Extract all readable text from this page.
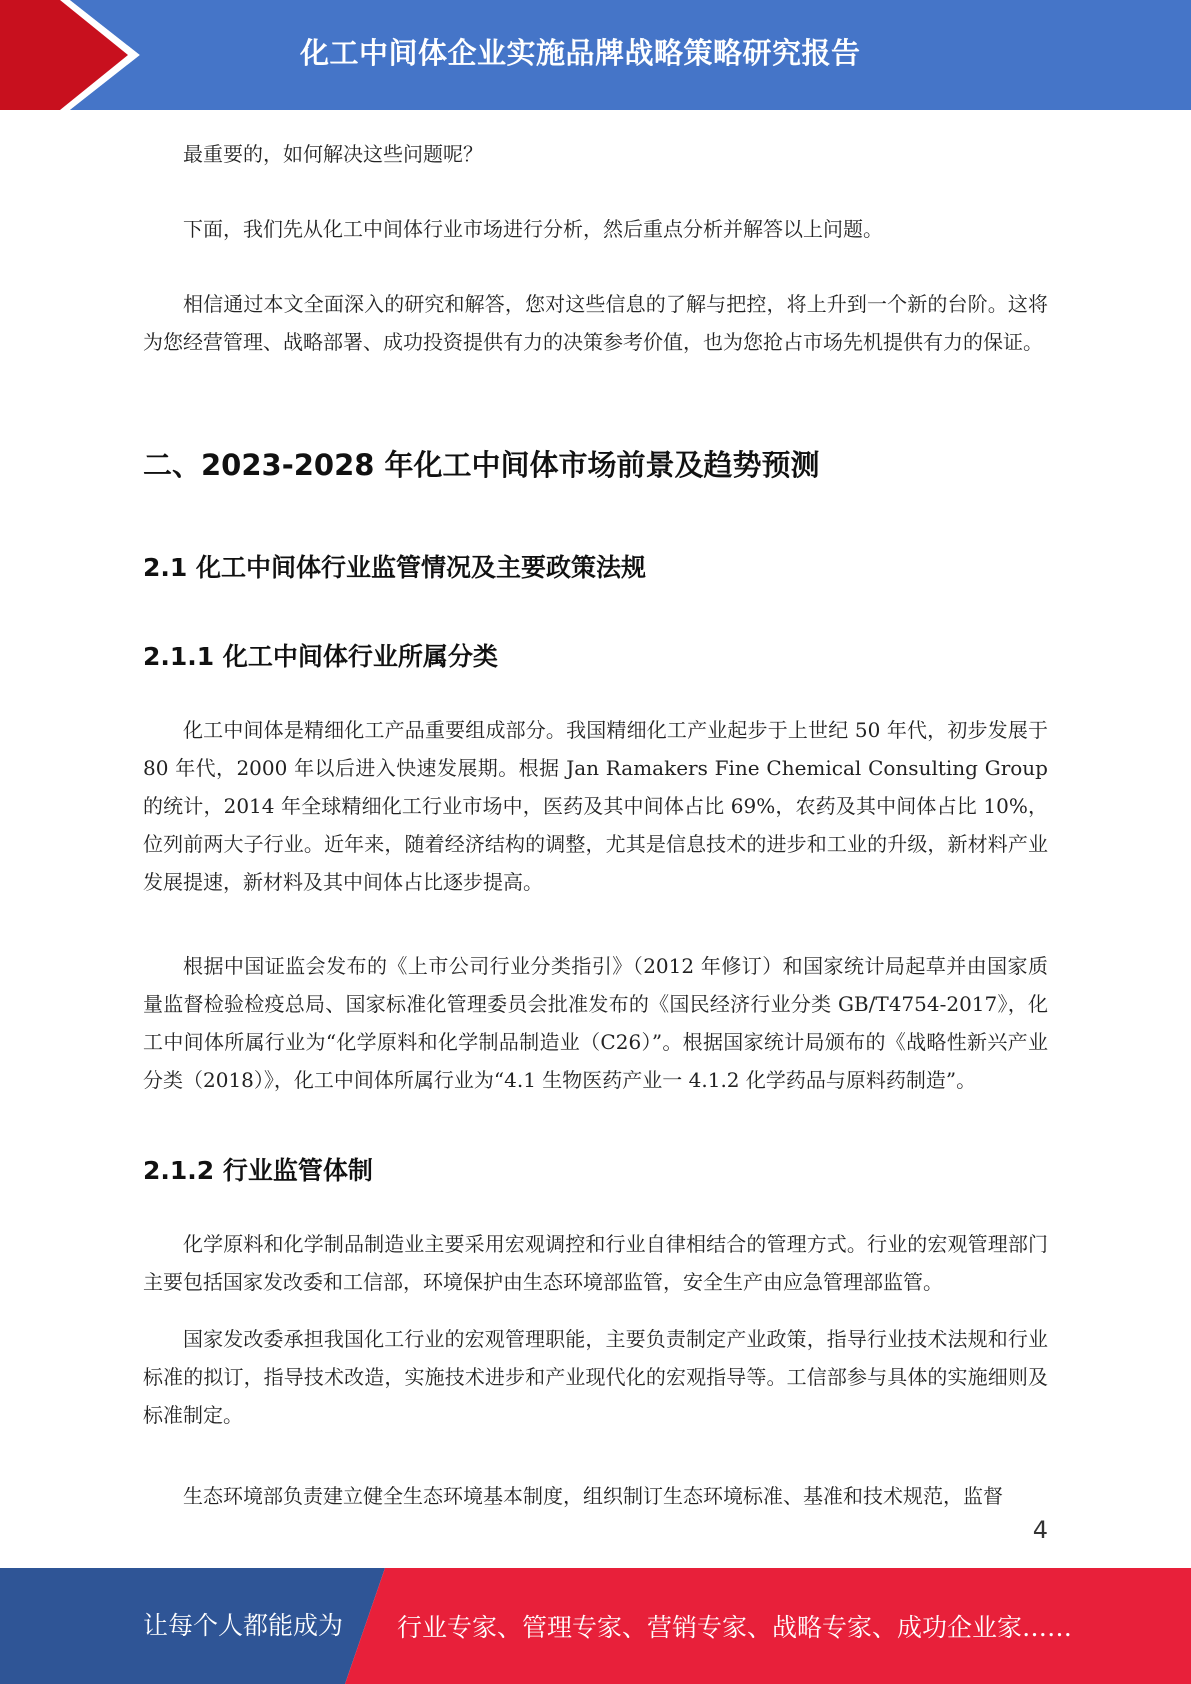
化工中间体企业实施品牌战略策略研究报告
最重要的，如何解决这些问题呢？
下面，我们先从化工中间体行业市场进行分析，然后重点分析并解答以上问题。
相信通过本文全面深入的研究和解答，您对这些信息的了解与把控，将上升到一个新的台阶。这将为您经营管理、战略部署、成功投资提供有力的决策参考价值，也为您抢占市场先机提供有力的保证。
二、2023-2028 年化工中间体市场前景及趋势预测
2.1 化工中间体行业监管情况及主要政策法规
2.1.1 化工中间体行业所属分类
化工中间体是精细化工产品重要组成部分。我国精细化工产业起步于上世纪 50 年代，初步发展于 80 年代，2000 年以后进入快速发展期。根据 Jan Ramakers Fine Chemical Consulting Group 的统计，2014 年全球精细化工行业市场中，医药及其中间体占比 69%，农药及其中间体占比 10%，位列前两大子行业。近年来，随着经济结构的调整，尤其是信息技术的进步和工业的升级，新材料产业发展提速，新材料及其中间体占比逐步提高。
根据中国证监会发布的《上市公司行业分类指引》（2012 年修订）和国家统计局起草并由国家质量监督检验检疫总局、国家标准化管理委员会批准发布的《国民经济行业分类 GB/T4754-2017》，化工中间体所属行业为“化学原料和化学制品制造业（C26）”。根据国家统计局颁布的《战略性新兴产业分类（2018）》，化工中间体所属行业为“4.1 生物医药产业一 4.1.2 化学药品与原料药制造”。
2.1.2 行业监管体制
化学原料和化学制品制造业主要采用宏观调控和行业自律相结合的管理方式。行业的宏观管理部门主要包括国家发改委和工信部，环境保护由生态环境部监管，安全生产由应急管理部监管。
国家发改委承担我国化工行业的宏观管理职能，主要负责制定产业政策，指导行业技术法规和行业标准的拟订，指导技术改造，实施技术进步和产业现代化的宏观指导等。工信部参与具体的实施细则及标准制定。
生态环境部负责建立健全生态环境基本制度，组织制订生态环境标准、基准和技术规范，监督
4
让每个人都能成为 行业专家、管理专家、营销专家、战略专家、成功企业家……
